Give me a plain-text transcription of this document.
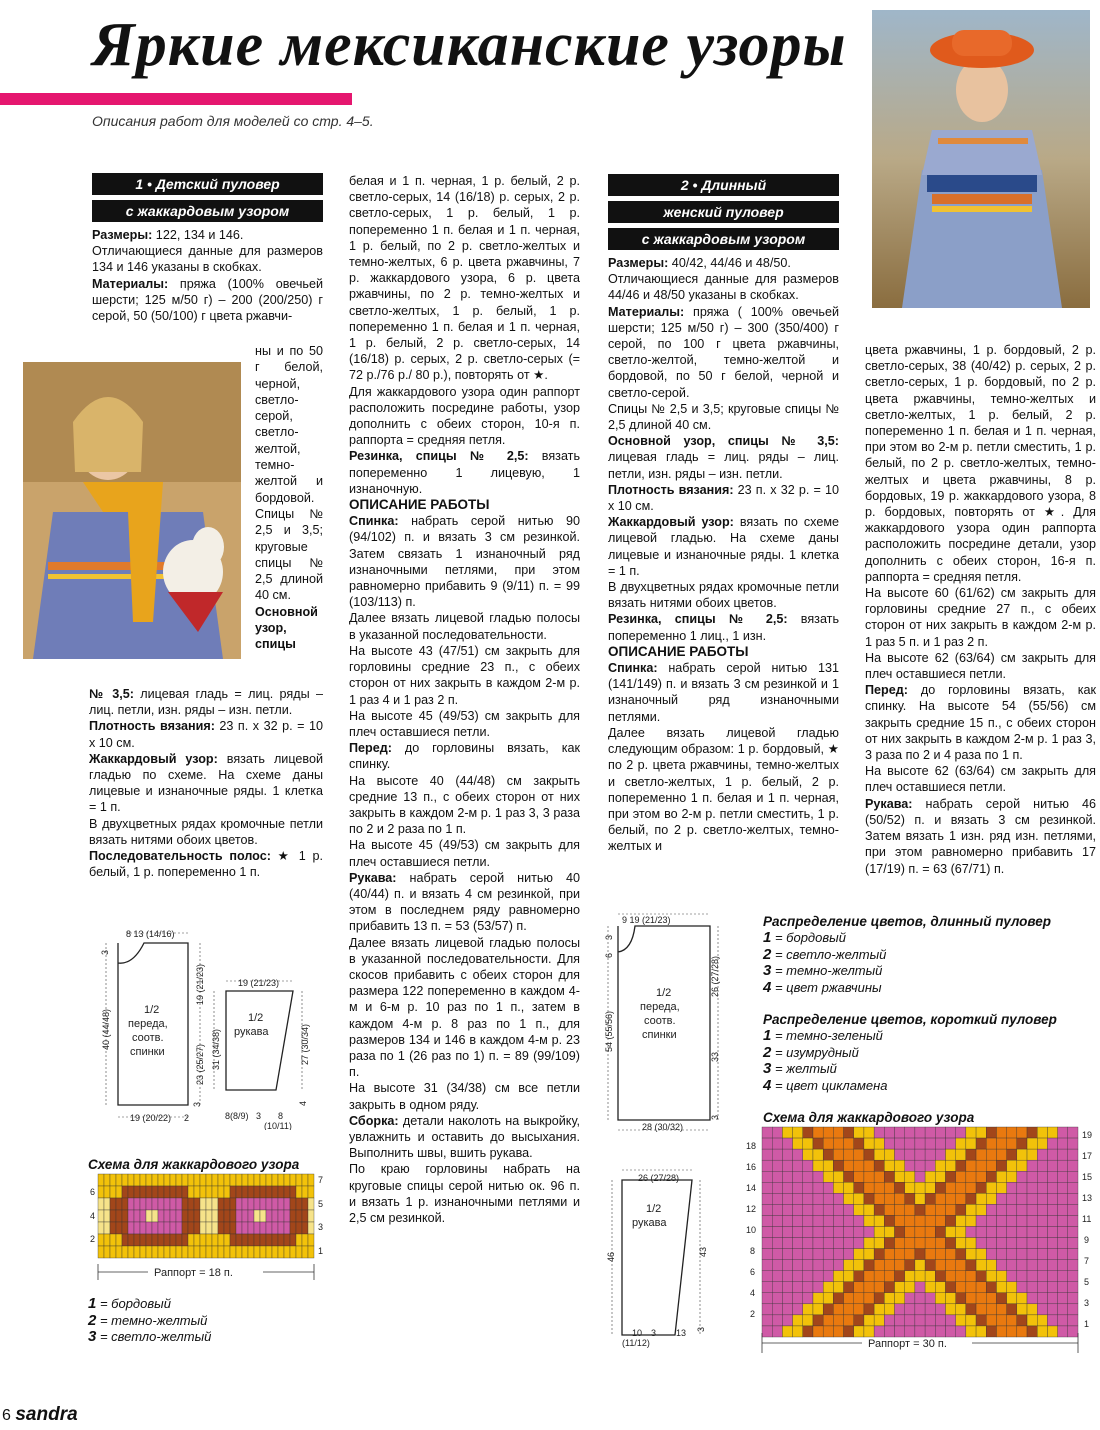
Яркие мексиканские узоры
Описания работ для моделей со стр. 4–5.
1 • Детский пуловер
с жаккардовым узором

Размеры: 122, 134 и 146.

Отличающиеся данные для размеров 134 и 146 указаны в скобках.

Материалы: пряжа (100% овечьей шерсти; 125 м/50 г) – 200 (200/250) г серой, 50 (50/100) г цвета ржавчи-

ны и по 50 г белой, черной, светло-серой, светло-желтой, темно-желтой и бордовой.

Спицы № 2,5 и 3,5; круговые спицы № 2,5 длиной 40 см.

Основной узор, спицы

№ 3,5: лицевая гладь = лиц. ряды – лиц. петли, изн. ряды – изн. петли.

Плотность вязания: 23 п. х 32 р. = 10 х 10 см.

Жаккардовый узор: вязать лицевой гладью по схеме. На схеме даны лицевые и изнаночные ряды. 1 клетка = 1 п.

В двухцветных рядах кромочные петли вязать нитями обоих цветов.

Последовательность полос: ★ 1 р. белый, 1 р. попеременно 1 п.

белая и 1 п. черная, 1 р. белый, 2 р. светло-серых, 14 (16/18) р. серых, 2 р. светло-серых, 1 р. белый, 1 р. попеременно 1 п. белая и 1 п. черная, 1 р. белый, по 2 р. светло-желтых и темно-желтых, 6 р. цвета ржавчины, 7 р. жаккардового узора, 6 р. цвета ржавчины, по 2 р. темно-желтых и светло-желтых, 1 р. белый, 1 р. попеременно 1 п. белая и 1 п. черная, 1 р. белый, 2 р. светло-серых, 14 (16/18) р. серых, 2 р. светло-серых (= 72 р./76 р./ 80 р.), повторять от ★.

Для жаккардового узора один раппорт расположить посредине работы, узор дополнить с обеих сторон, 10-я п. раппорта = средняя петля.

Резинка, спицы № 2,5: вязать попеременно 1 лицевую, 1 изнаночную.

ОПИСАНИЕ РАБОТЫ

Спинка: набрать серой нитью 90 (94/102) п. и вязать 3 см резинкой. Затем связать 1 изнаночный ряд изнаночными петлями, при этом равномерно прибавить 9 (9/11) п. = 99 (103/113) п.

Далее вязать лицевой гладью полосы в указанной последовательности.

На высоте 43 (47/51) см закрыть для горловины средние 23 п., с обеих сторон от них закрыть в каждом 2-м р. 1 раз 4 и 1 раз 2 п.

На высоте 45 (49/53) см закрыть для плеч оставшиеся петли.

Перед: до горловины вязать, как спинку.

На высоте 40 (44/48) см закрыть средние 13 п., с обеих сторон от них закрыть в каждом 2-м р. 1 раз 3, 3 раза по 2 и 2 раза по 1 п.

На высоте 45 (49/53) см закрыть для плеч оставшиеся петли.

Рукава: набрать серой нитью 40 (40/44) п. и вязать 4 см резинкой, при этом в последнем ряду равномерно прибавить 13 п. = 53 (53/57) п.

Далее вязать лицевой гладью полосы в указанной последовательности. Для скосов прибавить с обеих сторон для размера 122 попеременно в каждом 4-м и 6-м р. 10 раз по 1 п., затем в каждом 4-м р. 8 раз по 1 п., для размеров 134 и 146 в каждом 4-м р. 23 раза по 1 (26 раз по 1) п. = 89 (99/109) п.

На высоте 31 (34/38) см все петли закрыть в одном ряду.

Сборка: детали наколоть на выкройку, увлажнить и оставить до высыхания. Выполнить швы, вшить рукава.

По краю горловины набрать на круговые спицы серой нитью ок. 96 п. и вязать 1 р. изнаночными петлями и 2,5 см резинкой.

2 • Длинный
женский пуловер
с жаккардовым узором

Размеры: 40/42, 44/46 и 48/50.

Отличающиеся данные для размеров 44/46 и 48/50 указаны в скобках.

Материалы: пряжа ( 100% овечьей шерсти; 125 м/50 г) – 300 (350/400) г серой, по 100 г цвета ржавчины, светло-желтой, темно-желтой и бордовой, по 50 г белой, черной и светло-серой.

Спицы № 2,5 и 3,5; круговые спицы № 2,5 длиной 40 см.

Основной узор, спицы № 3,5: лицевая гладь = лиц. ряды – лиц. петли, изн. ряды – изн. петли.

Плотность вязания: 23 п. х 32 р. = 10 х 10 см.

Жаккардовый узор: вязать по схеме лицевой гладью. На схеме даны лицевые и изнаночные ряды. 1 клетка = 1 п.

В двухцветных рядах кромочные петли вязать нитями обоих цветов.

Резинка, спицы № 2,5: вязать попеременно 1 лиц., 1 изн.

ОПИСАНИЕ РАБОТЫ

Спинка: набрать серой нитью 131 (141/149) п. и вязать 3 см резинкой и 1 изнаночный ряд изнаночными петлями.

Далее вязать лицевой гладью следующим образом: 1 р. бордовый, ★ по 2 р. цвета ржавчины, темно-желтых и светло-желтых, 1 р. белый, 2 р. попеременно 1 п. белая и 1 п. черная, при этом во 2-м р. петли сместить, 1 р. белый, по 2 р. светло-желтых, темно-желтых и

цвета ржавчины, 1 р. бордовый, 2 р. светло-серых, 38 (40/42) р. серых, 2 р. светло-серых, 1 р. бордовый, по 2 р. цвета ржавчины, темно-желтых и светло-желтых, 1 р. белый, 2 р. попеременно 1 п. белая и 1 п. черная, при этом во 2-м р. петли сместить, 1 р. белый, по 2 р. светло-желтых, темно-желтых и цвета ржавчины, 8 р. бордовых, 19 р. жаккардового узора, 8 р. бордовых, повторять от ★. Для жаккардового узора один раппорта расположить посредине детали, узор дополнить с обеих сторон, 16-я п. раппорта = средняя петля.

На высоте 60 (61/62) см закрыть для горловины средние 27 п., с обеих сторон от них закрыть в каждом 2-м р. 1 раз 5 п. и 1 раз 2 п.

На высоте 62 (63/64) см закрыть для плеч оставшиеся петли.

Перед: до горловины вязать, как спинку. На высоте 54 (55/56) см закрыть средние 15 п., с обеих сторон от них закрыть в каждом 2-м р. 1 раз 3, 3 раза по 2 и 4 раза по 1 п.

На высоте 62 (63/64) см закрыть для плеч оставшиеся петли.

Рукава: набрать серой нитью 46 (50/52) п. и вязать 3 см резинкой. Затем вязать 1 изн. ряд изн. петлями, при этом равномерно прибавить 17 (17/19) п. = 63 (67/71) п.

8 13 (14/16)
3
40 (44/48)
19 (21/23)
23 (25/27)
3
19 (20/22) 2
1/2
переда,
соотв.
спинки
19 (21/23)
1/2
рукава
31 (34/38)	27 (30/34)
4
8(8/9) 3 8
(10/11)
9 19 (21/23)
3
6
54 (55/56)
26 (27/28)
33
3
28 (30/32)
1/2
переда,
соотв.
спинки
26 (27/28)
1/2
рукава
46	43
3
10
(11/12)
3 13
Схема для жаккардового узора
Раппорт = 18 п.
6
4
2
7
5
3
1
1 = бордовый
2 = темно-желтый
3 = светло-желтый
Распределение цветов, длинный пуловер
1 = бордовый
2 = светло-желтый
3 = темно-желтый
4 = цвет ржавчины
Распределение цветов, короткий пуловер
1 = темно-зеленый
2 = изумрудный
3 = желтый
4 = цвет цикламена
Схема для жаккардового узора
Раппорт = 30 п.
18
16
14
12
10
8
6
4
2
19
17
15
13
11
9
7
5
3
1
6 sandra
